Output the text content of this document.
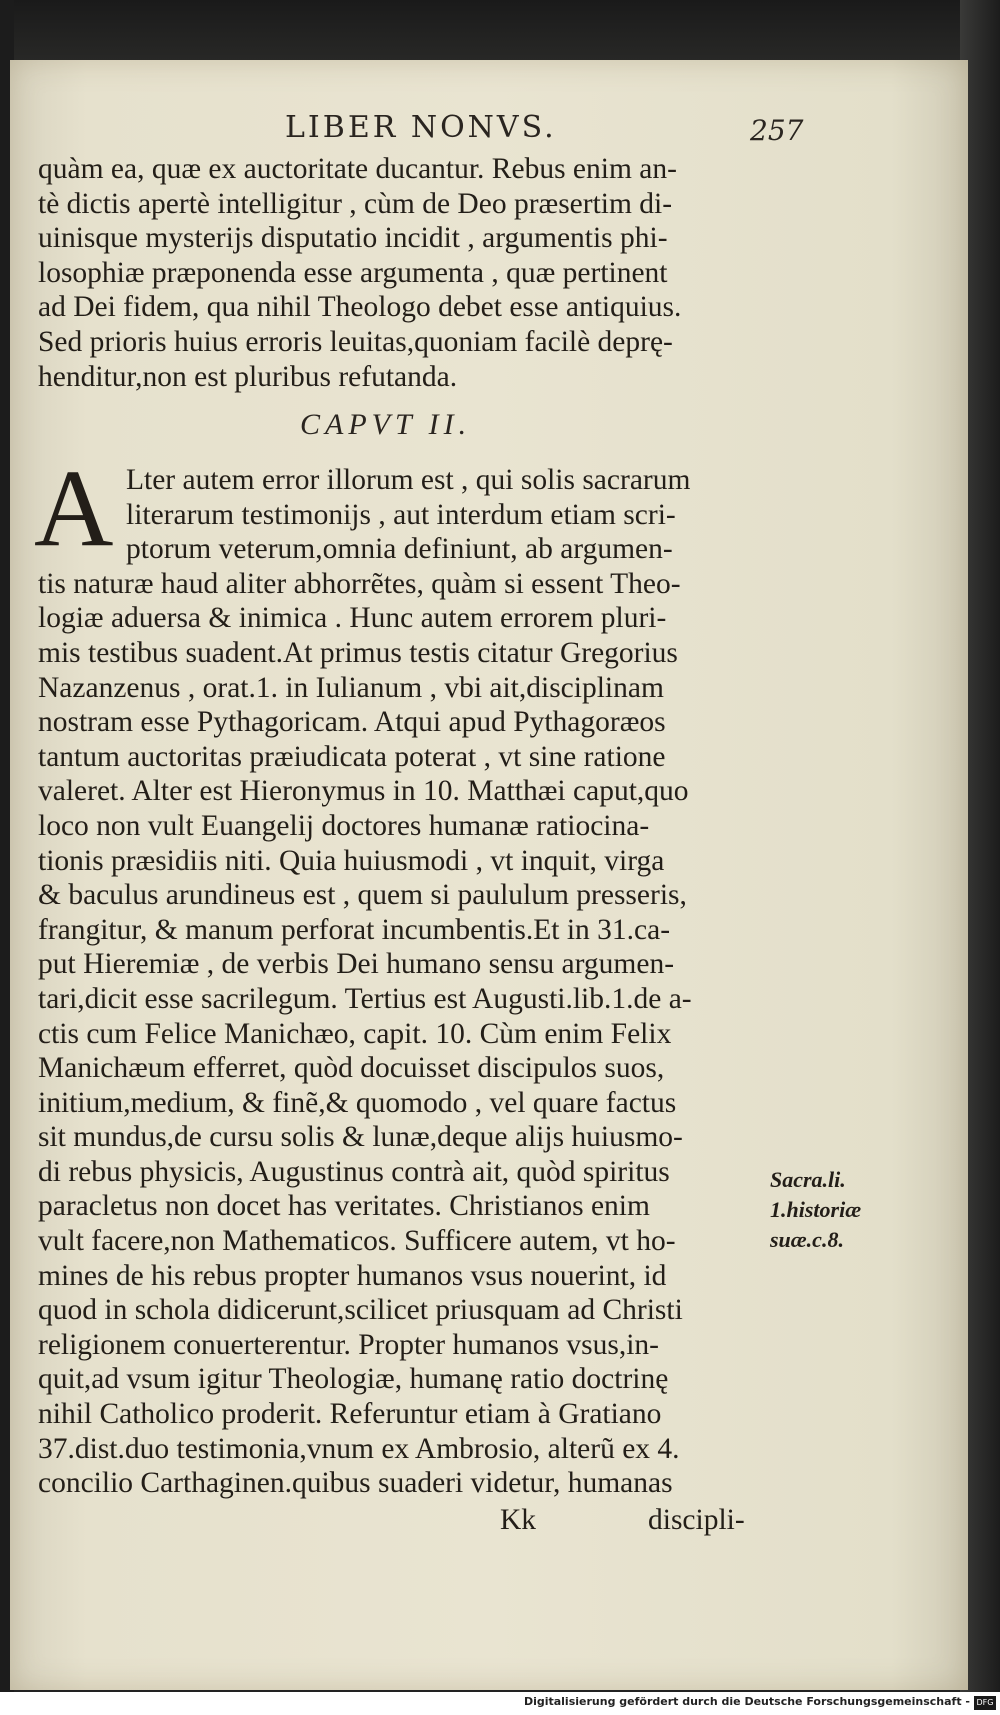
LIBER NONVS.	257
quàm ea, quæ ex auctoritate ducantur. Rebus enim an-
tè dictis apertè intelligitur , cùm de Deo præsertim di-
uinisque mysterijs disputatio incidit , argumentis phi-
losophiæ præponenda esse argumenta , quæ pertinent
ad Dei fidem, qua nihil Theologo debet esse antiquius.
Sed prioris huius erroris leuitas,quoniam facilè deprę-
henditur,non est pluribus refutanda.
CAPVT II.
A Lter autem error illorum est , qui solis sacrarum
literarum testimonijs , aut interdum etiam scri-
ptorum veterum,omnia definiunt, ab argumen-
tis naturæ haud aliter abhorrẽtes, quàm si essent Theo-
logiæ aduersa & inimica . Hunc autem errorem pluri-
mis testibus suadent.At primus testis citatur Gregorius
Nazanzenus , orat.1. in Iulianum , vbi ait,disciplinam
nostram esse Pythagoricam. Atqui apud Pythagoræos
tantum auctoritas præiudicata poterat , vt sine ratione
valeret. Alter est Hieronymus in 10. Matthæi caput,quo
loco non vult Euangelij doctores humanæ ratiocina-
tionis præsidiis niti. Quia huiusmodi , vt inquit, virga
& baculus arundineus est , quem si paululum presseris,
frangitur, & manum perforat incumbentis.Et in 31.ca-
put Hieremiæ , de verbis Dei humano sensu argumen-
tari,dicit esse sacrilegum. Tertius est Augusti.lib.1.de a-
ctis cum Felice Manichæo, capit. 10. Cùm enim Felix
Manichæum efferret, quòd docuisset discipulos suos,
initium,medium, & finẽ,& quomodo , vel quare factus
sit mundus,de cursu solis & lunæ,deque alijs huiusmo-
di rebus physicis, Augustinus contrà ait, quòd spiritus
paracletus non docet has veritates. Christianos enim
vult facere,non Mathematicos. Sufficere autem, vt ho-
mines de his rebus propter humanos vsus nouerint, id
quod in schola didicerunt,scilicet priusquam ad Christi
religionem conuerterentur. Propter humanos vsus,in-
quit,ad vsum igitur Theologiæ, humanę ratio doctrinę
nihil Catholico proderit. Referuntur etiam à Gratiano
37.dist.duo testimonia,vnum ex Ambrosio, alterũ ex 4.
concilio Carthaginen.quibus suaderi videtur, humanas
Sacra.li.
1.historiæ
suæ.c.8.
Kk	discipli-
Digitalisierung gefördert durch die Deutsche Forschungsgemeinschaft - DFG
